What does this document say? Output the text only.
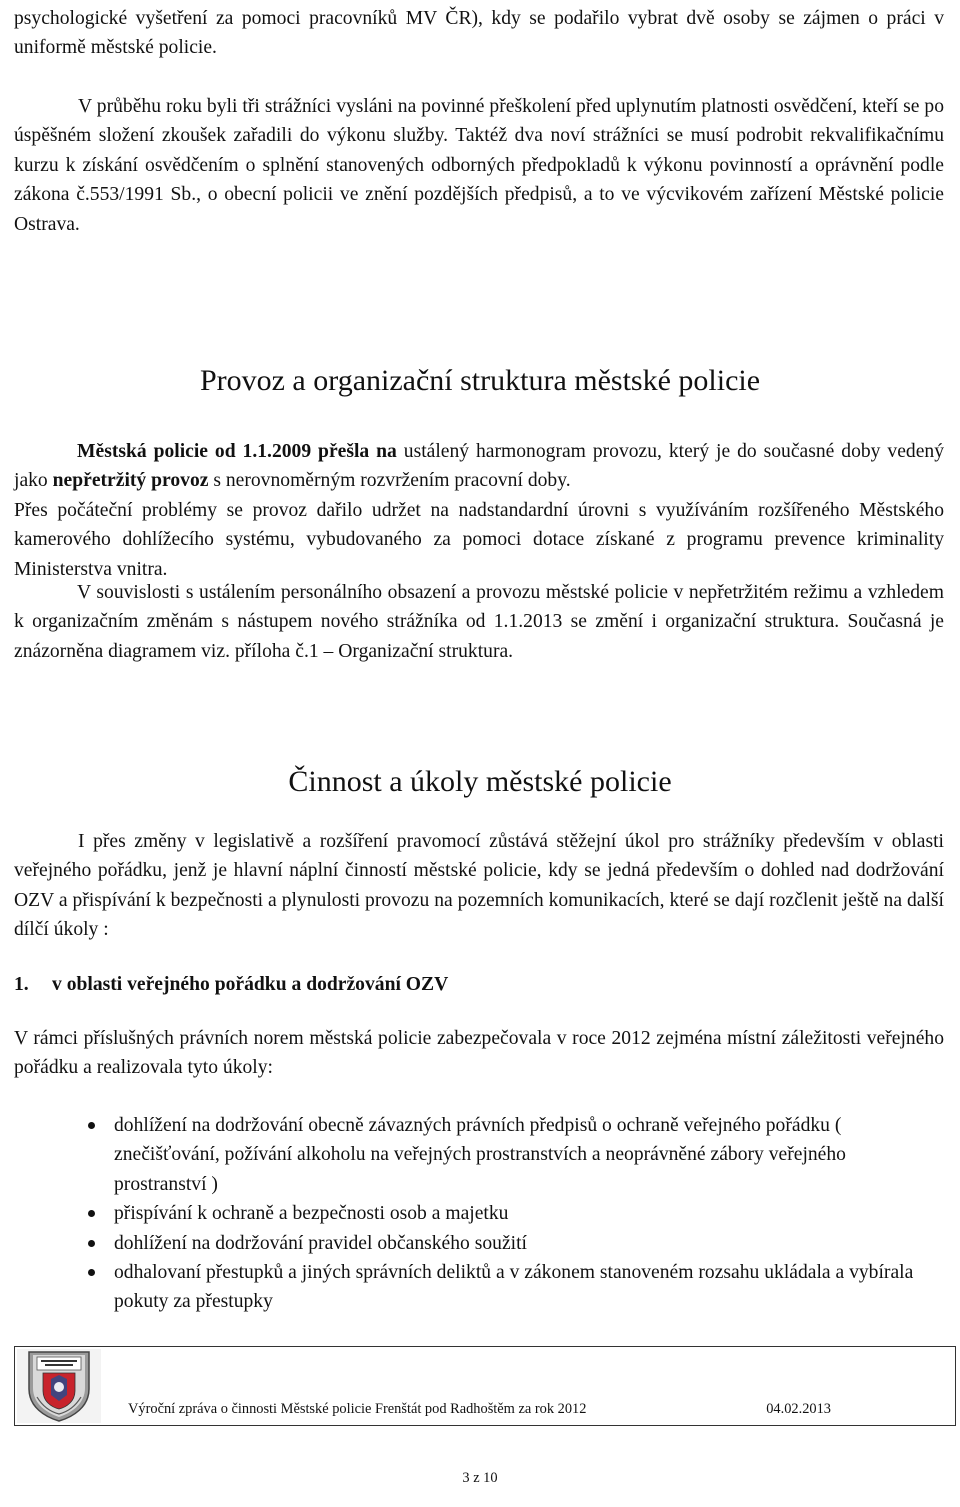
psychologické vyšetření za pomoci pracovníků MV ČR), kdy se podařilo vybrat dvě osoby se zájmen o práci v uniformě městské policie.

V průběhu roku byli tři strážníci vysláni na povinné přeškolení před uplynutím platnosti osvědčení, kteří se po úspěšném složení zkoušek zařadili do výkonu služby. Taktéž dva noví strážníci se musí podrobit rekvalifikačnímu kurzu k získání osvědčením o splnění stanovených odborných předpokladů k výkonu povinností a oprávnění podle zákona č.553/1991 Sb., o obecní policii ve znění pozdějších předpisů, a to ve výcvikovém zařízení Městské policie Ostrava.

Provoz a organizační struktura městské policie

Městská policie od 1.1.2009 přešla na ustálený harmonogram provozu, který je do současné doby vedený jako nepřetržitý provoz s nerovnoměrným rozvržením pracovní doby.

Přes počáteční problémy se provoz dařilo udržet na nadstandardní úrovni s využíváním rozšířeného Městského kamerového dohlížecího systému, vybudovaného za pomoci dotace získané z programu prevence kriminality Ministerstva vnitra.

V souvislosti s ustálením personálního obsazení a provozu městské policie v nepřetržitém režimu a vzhledem k organizačním změnám s nástupem nového strážníka od 1.1.2013 se změní i organizační struktura. Současná je znázorněna diagramem viz. příloha č.1 – Organizační struktura.

Činnost a úkoly městské policie

I přes změny v legislativě a rozšíření pravomocí zůstává stěžejní úkol pro strážníky především v oblasti veřejného pořádku, jenž je hlavní náplní činností městské policie, kdy se jedná především o dohled nad dodržování OZV a přispívání k bezpečnosti a plynulosti provozu na pozemních komunikacích, které se dají rozčlenit ještě na další dílčí úkoly :

1. v oblasti veřejného pořádku a dodržování OZV

V rámci příslušných právních norem městská policie zabezpečovala v roce 2012 zejména místní záležitosti veřejného pořádku a realizovala tyto úkoly:

dohlížení na dodržování obecně závazných právních předpisů o ochraně veřejného pořádku ( znečišťování, požívání alkoholu na veřejných prostranstvích a neoprávněné zábory veřejného prostranství )
přispívání k ochraně a bezpečnosti osob a majetku
dohlížení na dodržování pravidel občanského soužití
odhalovaní přestupků a jiných správních deliktů a v zákonem stanoveném rozsahu ukládala a vybírala pokuty za přestupky
Výroční zpráva o činnosti Městské policie Frenštát pod Radhoštěm za rok 2012	04.02.2013
3 z 10
